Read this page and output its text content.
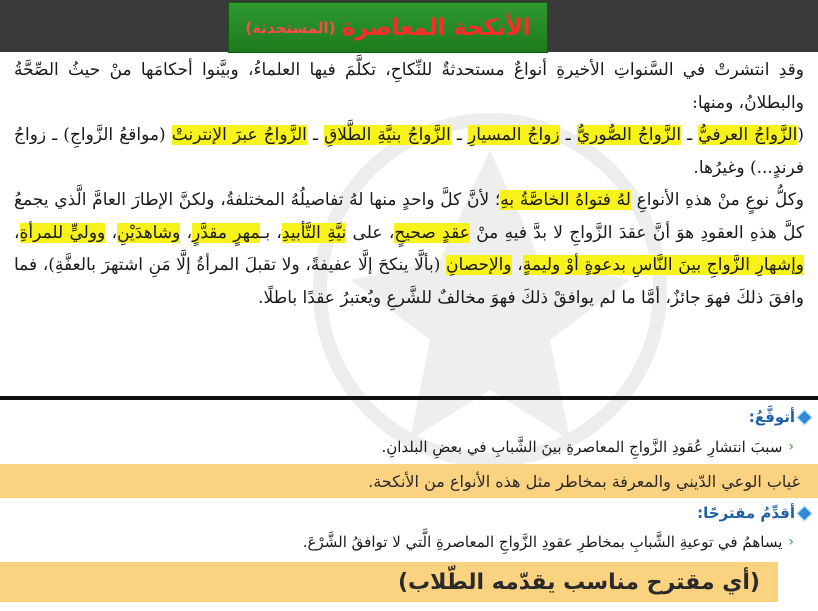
الأنكحة المعاصرة
(المستحدثة)

وقدِ انتشرتْ في السَّنواتِ الأخيرةِ أنواعٌ مستحدثةٌ للنِّكاحِ، تكلَّمَ فيها العلماءُ، وبيَّنوا أحكامَها منْ حيثُ الصِّحَّةُ والبطلانُ، ومنها:

(الزَّواجُ العرفيُّ ـ الزَّواجُ الصُّوريُّ ـ زواجُ المسيارِ ـ الزَّواجُ بنيَّةِ الطَّلاقِ ـ الزَّواجُ عبرَ الإنترنتْ (مواقعُ الزَّواجِ) ـ زواجُ فرندٍ...) وغيرُها.

وكلُّ نوعٍ منْ هذهِ الأنواعِ لهُ فتواهُ الخاصَّةُ بهِ؛ لأنَّ كلَّ واحدٍ منها لهُ تفاصيلُهُ المختلفةُ، ولكنَّ الإطارَ العامَّ الَّذي يجمعُ كلَّ هذهِ العقودِ هوَ أنَّ عقدَ الزَّواجِ لا بدَّ فيهِ منْ عقدٍ صحيحٍ، على نيَّةِ التَّأبيدِ، بـمهرٍ مقدَّرٍ، وشاهدَيْنِ، ووليٍّ للمرأةِ، وإشهارِ الزَّواجِ بينَ النَّاسِ بدعوةٍ أوْ وليمةٍ، والإحصانِ (بألَّا ينكحَ إلَّا عفيفةً، ولا تقبلَ المرأةُ إلَّا مَنِ اشتهرَ بالعفَّةِ)، فما وافقَ ذلكَ فهوَ جائزٌ، أمَّا ما لم يوافقْ ذلكَ فهوَ مخالفٌ للشَّرعِ ويُعتبرُ عقدًا باطلًا.

أتوقَّعُ:
‹
سببَ انتشارِ عُقودِ الزَّواجِ المعاصرةِ بينَ الشَّبابِ في بعضِ البلدانِ.
غياب الوعي الدّيني والمعرفة بمخاطر مثل هذه الأنواع من الأنكحة.
أقدِّمُ مقترحًا:
‹
يساهمُ في توعيةِ الشَّبابِ بمخاطرِ عقودِ الزَّواجِ المعاصرةِ الَّتي لا توافقُ الشَّرْعَ.
(أي مقترح مناسب يقدّمه الطّلاب)
